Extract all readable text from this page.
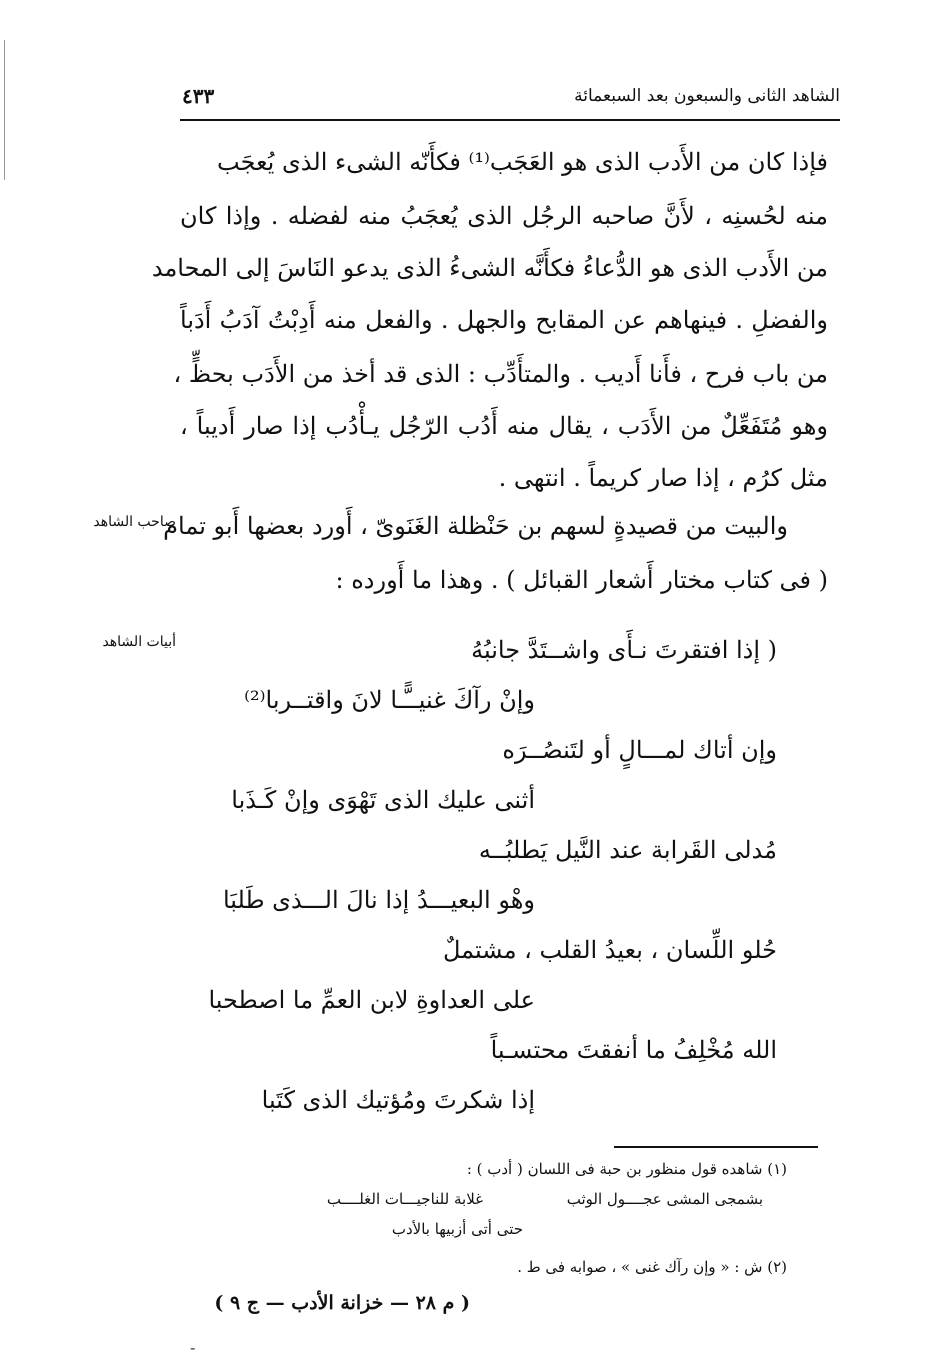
الشاهد الثانى والسبعون بعد السبعمائة
٤٣٣
فإذا كان من الأَدب الذى هو العَجَب⁽¹⁾ فكأَنّه الشىء الذى يُعجَب
منه لحُسنِه ، لأَنَّ صاحبه الرجُل الذى يُعجَبُ منه لفضله . وإذا كان
من الأَدب الذى هو الدُّعاءُ فكأَنَّه الشىءُ الذى يدعو النَاسَ إلى المحامد
والفضلِ . فينهاهم عن المقابح والجهل . والفعل منه أَدِبْتُ آدَبُ أَدَباً
من باب فرح ، فأَنا أَديب . والمتأَدِّب : الذى قد أخذ من الأَدَب بحظٍّ ،
وهو مُتَفَعِّلٌ من الأَدَب ، يقال منه أَدُب الرّجُل يـأْدُب إذا صار أَديباً ،
مثل كرُم ، إذا صار كريماً . انتهى .
والبيت من قصيدةٍ لسهم بن حَنْظلة الغَنَوىّ ، أَورد بعضها أَبو تمام
( فى كتاب مختار أَشعار القبائل ) . وهذا ما أَورده :
صاحب الشاهد
أبيات الشاهد	( إذا افتقرتَ نـأَى واشــتَدَّ جانبُهُ
وإنْ رآكَ غنيــًّـا لانَ واقتــربا⁽²⁾
وإن أتاك لمـــالٍ أو لتَنصُــرَه
أثنى عليك الذى تَهْوَى وإنْ كَـذَبا
مُدلى القَرابة عند النَّيل يَطلبُــه
وهْو البعيـــدُ إذا نالَ الـــذى طَلبَا
حُلو اللِّسان ، بعيدُ القلب ، مشتملٌ
على العداوةِ لابن العمِّ ما اصطحبا
الله مُخْلِفُ ما أنفقتَ محتسـباً
إذا شكرتَ ومُؤتيك الذى كَتَبا
(١) شاهده قول منظور بن حبة فى اللسان ( أدب ) :
بشمجى المشى عجــــول الوثب
غلابة للناجيـــات الغلــــب
حتى أتى أزبيها بالأدب
(٢) ش : « وإن رآك غنى » ، صوابه فى ط .
( م ٢٨ — خزانة الأدب — ج ٩ )
-
